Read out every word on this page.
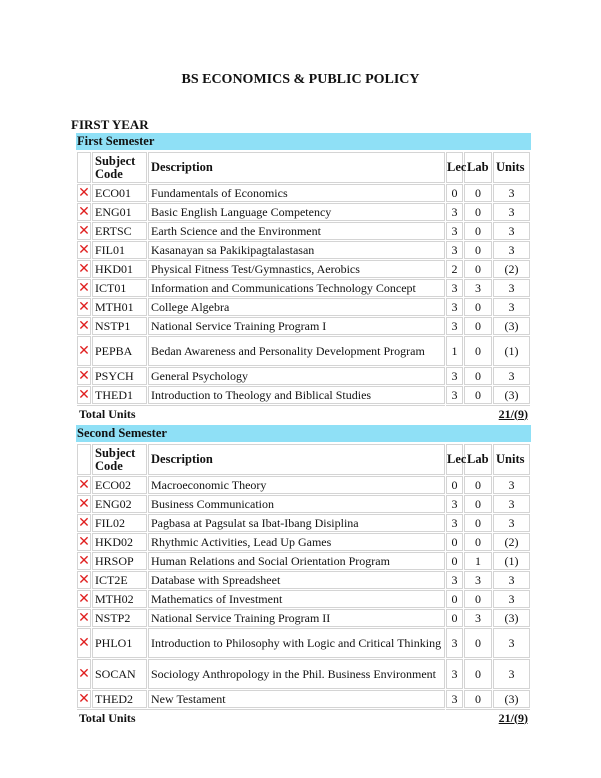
BS ECONOMICS & PUBLIC POLICY
FIRST YEAR
First Semester
	Subject Code	Description	Lec	Lab	Units
✕	ECO01	Fundamentals of Economics	0	0	3
✕	ENG01	Basic English Language Competency	3	0	3
✕	ERTSC	Earth Science and the Environment	3	0	3
✕	FIL01	Kasanayan sa Pakikipagtalastasan	3	0	3
✕	HKD01	Physical Fitness Test/Gymnastics, Aerobics	2	0	(2)
✕	ICT01	Information and Communications Technology Concept	3	3	3
✕	MTH01	College Algebra	3	0	3
✕	NSTP1	National Service Training Program I	3	0	(3)
✕	PEPBA	Bedan Awareness and Personality Development Program	1	0	(1)
✕	PSYCH	General Psychology	3	0	3
✕	THED1	Introduction to Theology and Biblical Studies	3	0	(3)
Total Units			21/(9)		
Second Semester
	Subject Code	Description	Lec	Lab	Units
✕	ECO02	Macroeconomic Theory	0	0	3
✕	ENG02	Business Communication	3	0	3
✕	FIL02	Pagbasa at Pagsulat sa Ibat-Ibang Disiplina	3	0	3
✕	HKD02	Rhythmic Activities, Lead Up Games	0	0	(2)
✕	HRSOP	Human Relations and Social Orientation Program	0	1	(1)
✕	ICT2E	Database with Spreadsheet	3	3	3
✕	MTH02	Mathematics of Investment	0	0	3
✕	NSTP2	National Service Training Program II	0	3	(3)
✕	PHLO1	Introduction to Philosophy with Logic and Critical Thinking	3	0	3
✕	SOCAN	Sociology Anthropology in the Phil. Business Environment	3	0	3
✕	THED2	New Testament	3	0	(3)
Total Units			21/(9)		
